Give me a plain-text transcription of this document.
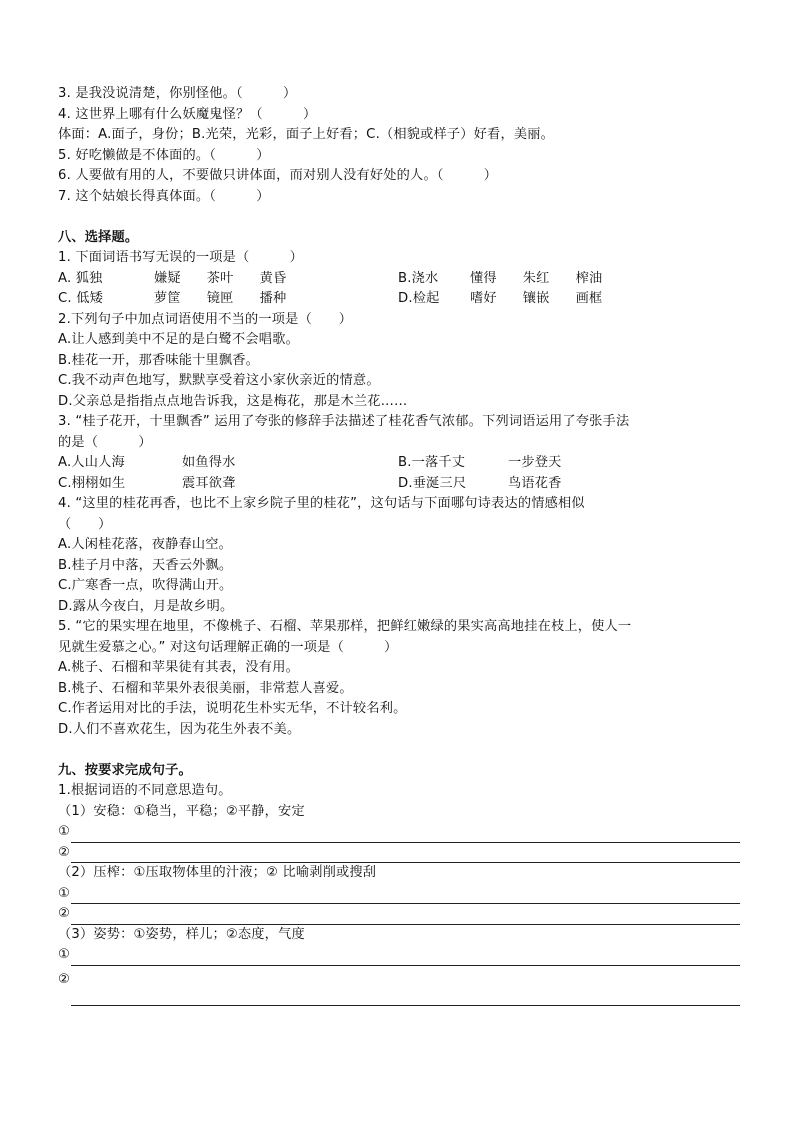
3. 是我没说清楚，你别怪他。（　　　）
4. 这世界上哪有什么妖魔鬼怪？（　　　）
体面：A.面子，身份；B.光荣，光彩，面子上好看；C.（相貌或样子）好看，美丽。
5. 好吃懒做是不体面的。（　　　）
6. 人要做有用的人，不要做只讲体面，而对别人没有好处的人。（　　　）
7. 这个姑娘长得真体面。（　　　）
八、选择题。
1. 下面词语书写无误的一项是（　　　）
A. 狐独	嫌疑 茶叶 黄昏	B.浇水	懂得 朱红 榨油
C. 低矮	萝筐 镜匣 播种	D.检起	嗜好 镶嵌 画框
2.下列句子中加点词语使用不当的一项是（　　）
A.让人感到美中不足的是白鹭不会唱歌。
B.桂花一开，那香味能十里飘香。
C.我不动声色地写，默默享受着这小家伙亲近的情意。
D.父亲总是指指点点地告诉我，这是梅花，那是木兰花……
3. “桂子花开，十里飘香” 运用了夸张的修辞手法描述了桂花香气浓郁。下列词语运用了夸张手法
的是（　　　）
A.人山人海	如鱼得水	B.一落千丈	一步登天
C.栩栩如生	震耳欲聋	D.垂涎三尺	鸟语花香
4. “这里的桂花再香，也比不上家乡院子里的桂花”，这句话与下面哪句诗表达的情感相似
（　　）
A.人闲桂花落，夜静春山空。
B.桂子月中落，天香云外飘。
C.广寒香一点，吹得满山开。
D.露从今夜白，月是故乡明。
5. “它的果实埋在地里，不像桃子、石榴、苹果那样，把鲜红嫩绿的果实高高地挂在枝上，使人一
见就生爱慕之心。” 对这句话理解正确的一项是（　　　）
A.桃子、石榴和苹果徒有其表，没有用。
B.桃子、石榴和苹果外表很美丽，非常惹人喜爱。
C.作者运用对比的手法，说明花生朴实无华，不计较名利。
D.人们不喜欢花生，因为花生外表不美。
九、按要求完成句子。
1.根据词语的不同意思造句。
（1）安稳：①稳当，平稳；②平静，安定
①
②
（2）压榨：①压取物体里的汁液；② 比喻剥削或搜刮
①
②
（3）姿势：①姿势，样儿；②态度，气度
①
②
